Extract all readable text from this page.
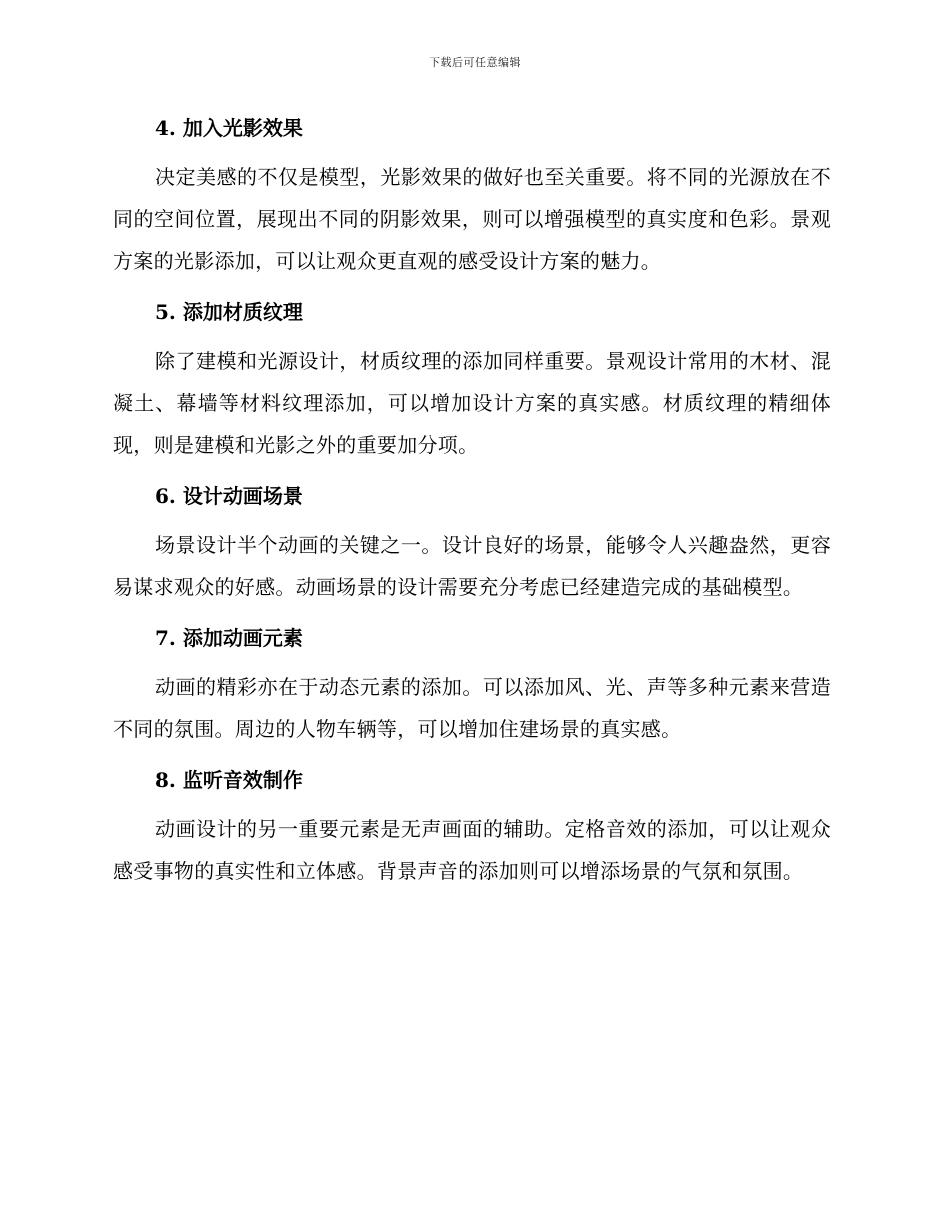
下载后可任意编辑
4. 加入光影效果

决定美感的不仅是模型，光影效果的做好也至关重要。将不同的光源放在不同的空间位置，展现出不同的阴影效果，则可以增强模型的真实度和色彩。景观方案的光影添加，可以让观众更直观的感受设计方案的魅力。

5. 添加材质纹理

除了建模和光源设计，材质纹理的添加同样重要。景观设计常用的木材、混凝土、幕墙等材料纹理添加，可以增加设计方案的真实感。材质纹理的精细体现，则是建模和光影之外的重要加分项。

6. 设计动画场景

场景设计半个动画的关键之一。设计良好的场景，能够令人兴趣盎然，更容易谋求观众的好感。动画场景的设计需要充分考虑已经建造完成的基础模型。

7. 添加动画元素

动画的精彩亦在于动态元素的添加。可以添加风、光、声等多种元素来营造不同的氛围。周边的人物车辆等，可以增加住建场景的真实感。

8. 监听音效制作

动画设计的另一重要元素是无声画面的辅助。定格音效的添加，可以让观众感受事物的真实性和立体感。背景声音的添加则可以增添场景的气氛和氛围。
